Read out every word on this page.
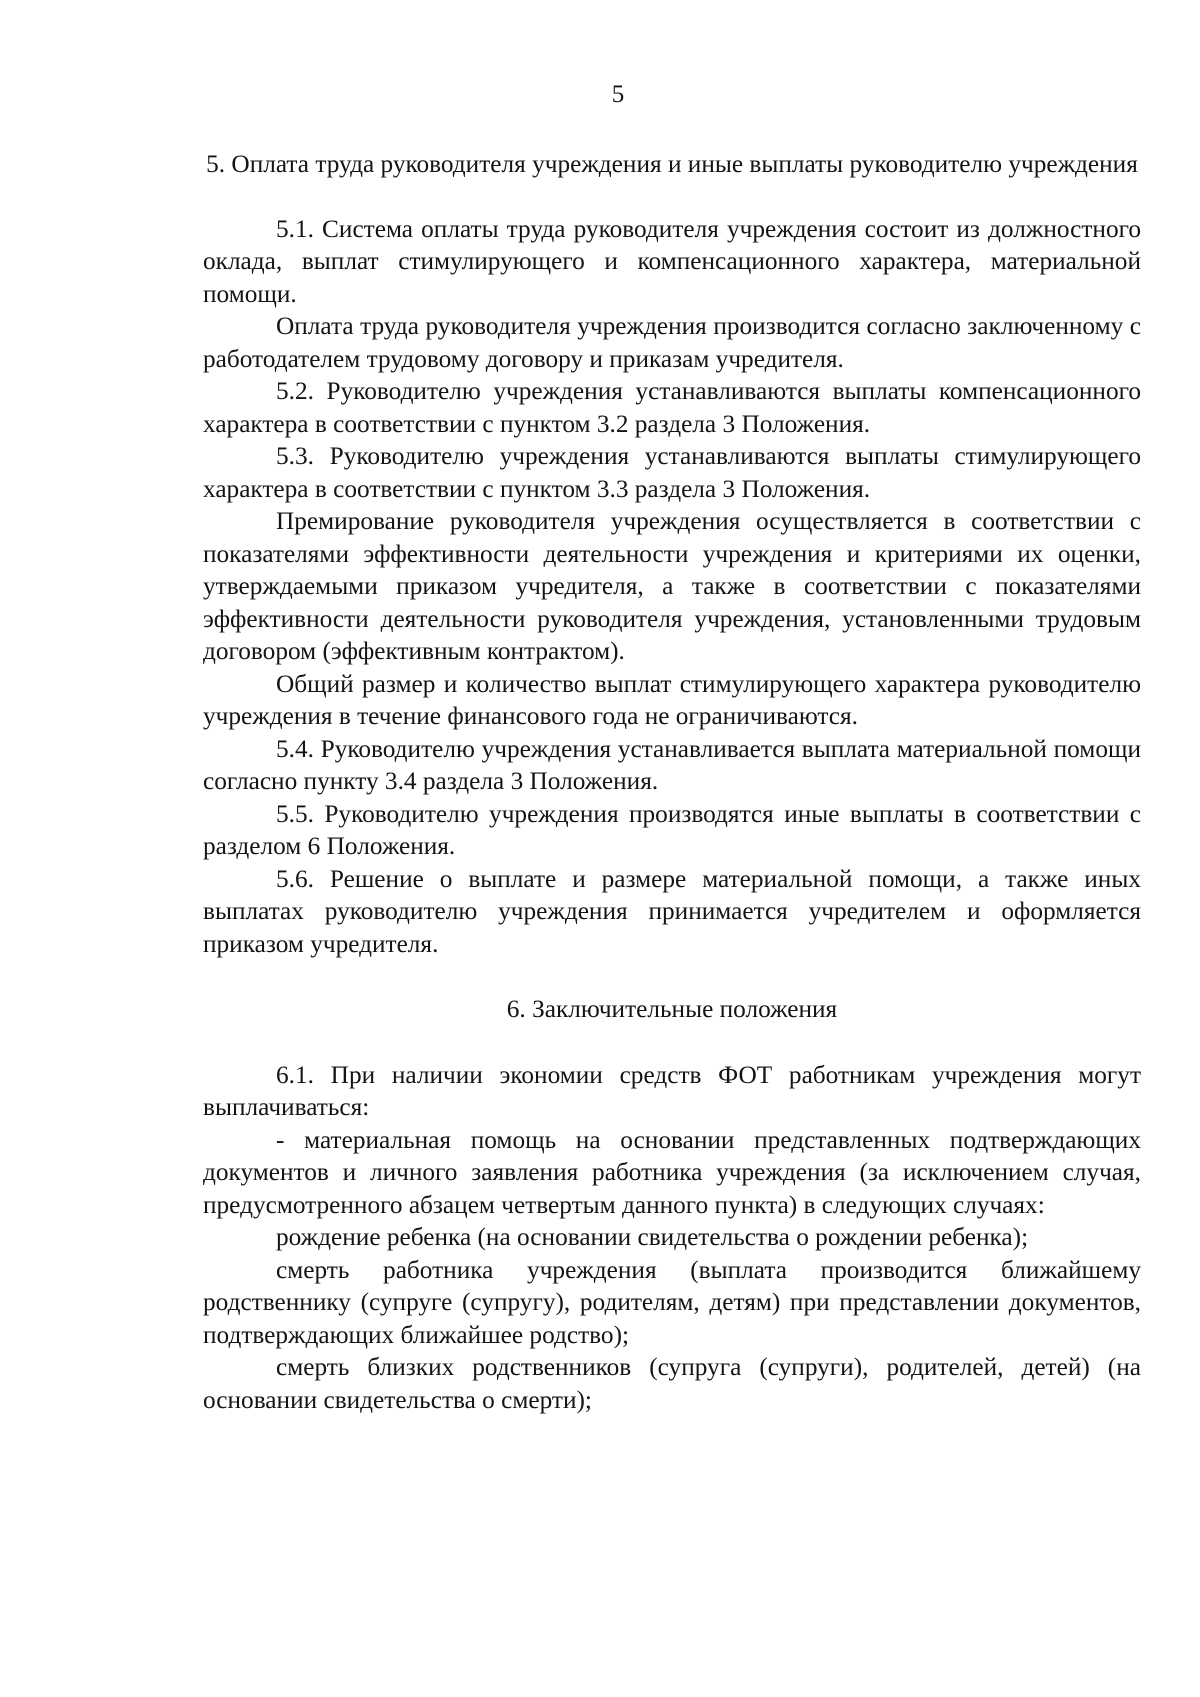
5
5. Оплата труда руководителя учреждения и иные выплаты руководителю учреждения

5.1. Система оплаты труда руководителя учреждения состоит из должностного оклада, выплат стимулирующего и компенсационного характера, материальной помощи.

Оплата труда руководителя учреждения производится согласно заключенному с работодателем трудовому договору и приказам учредителя.

5.2. Руководителю учреждения устанавливаются выплаты компенсационного характера в соответствии с пунктом 3.2 раздела 3 Положения.

5.3. Руководителю учреждения устанавливаются выплаты стимулирующего характера в соответствии с пунктом 3.3 раздела 3 Положения.

Премирование руководителя учреждения осуществляется в соответствии с показателями эффективности деятельности учреждения и критериями их оценки, утверждаемыми приказом учредителя, а также в соответствии с показателями эффективности деятельности руководителя учреждения, установленными трудовым договором (эффективным контрактом).

Общий размер и количество выплат стимулирующего характера руководителю учреждения в течение финансового года не ограничиваются.

5.4. Руководителю учреждения устанавливается выплата материальной помощи согласно пункту 3.4 раздела 3 Положения.

5.5. Руководителю учреждения производятся иные выплаты в соответствии с разделом 6 Положения.

5.6. Решение о выплате и размере материальной помощи, а также иных выплатах руководителю учреждения принимается учредителем и оформляется приказом учредителя.

6. Заключительные положения

6.1. При наличии экономии средств ФОТ работникам учреждения могут выплачиваться:

- материальная помощь на основании представленных подтверждающих документов и личного заявления работника учреждения (за исключением случая, предусмотренного абзацем четвертым данного пункта) в следующих случаях:

рождение ребенка (на основании свидетельства о рождении ребенка);

смерть работника учреждения (выплата производится ближайшему родственнику (супруге (супругу), родителям, детям) при представлении документов, подтверждающих ближайшее родство);

смерть близких родственников (супруга (супруги), родителей, детей) (на основании свидетельства о смерти);
